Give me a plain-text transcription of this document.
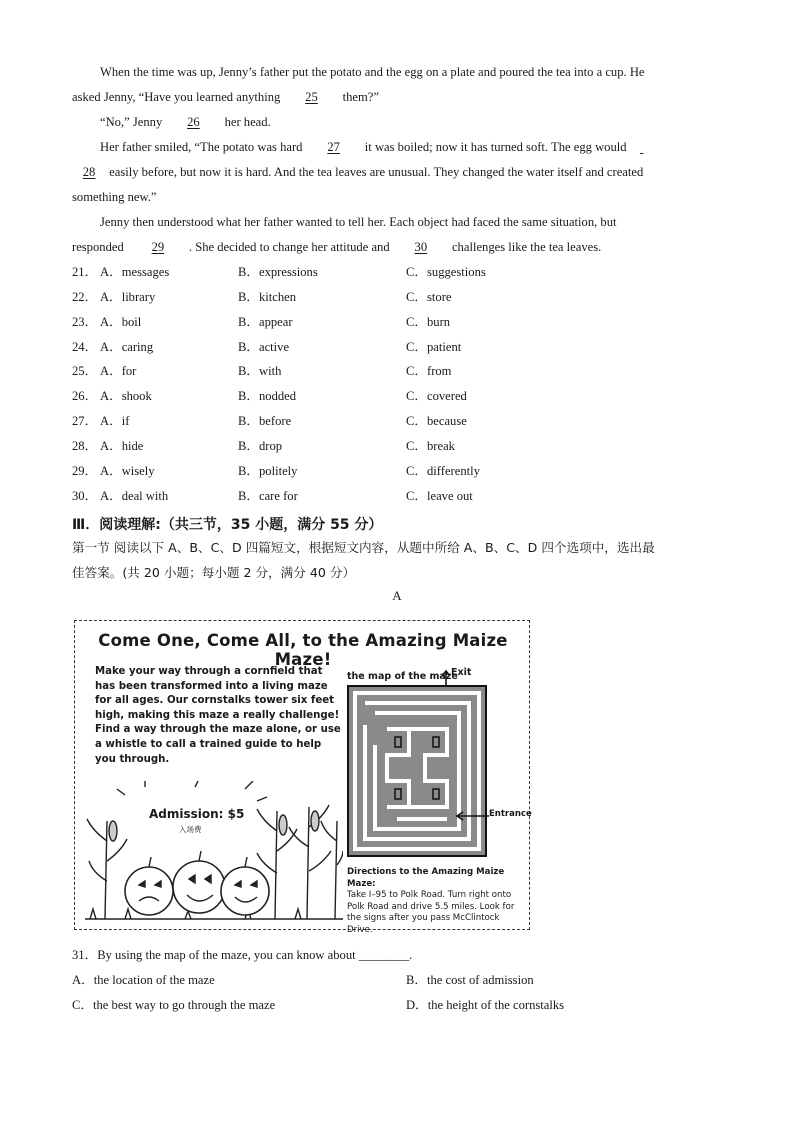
When the time was up, Jenny’s father put the potato and the egg on a plate and poured the tea into a cup. He
asked Jenny, “Have you learned anything 25 them?”
“No,” Jenny 26 her head.
Her father smiled, “The potato was hard 27 it was boiled; now it has turned soft. The egg would
28 easily before, but now it is hard. And the tea leaves are unusual. They changed the water itself and created
something new.”
Jenny then understood what her father wanted to tell her. Each object had faced the same situation, but
responded 29 . She decided to change her attitude and 30 challenges like the tea leaves.
21． A．messages	B．expressions	C．suggestions
22． A．library	B．kitchen	C．store
23． A．boil	B．appear	C．burn
24． A．caring	B．active	C．patient
25． A．for	B．with	C．from
26． A．shook	B．nodded	C．covered
27． A．if	B．before	C．because
28． A．hide	B．drop	C．break
29． A．wisely	B．politely	C．differently
30． A．deal with	B．care for	C．leave out
Ⅲ．阅读理解:（共三节，35 小题，满分 55 分）
第一节 阅读以下 A、B、C、D 四篇短文，根据短文内容，从题中所给 A、B、C、D 四个选项中，选出最
佳答案。(共 20 小题；每小题 2 分，满分 40 分）
A
Come One, Come All, to the Amazing Maize Maze!
Make your way through a cornfield that has been transformed into a living maze for all ages. Our cornstalks tower six feet high, making this maze a really challenge! Find a way through the maze alone, or use a whistle to call a trained guide to help you through.
Admission: $5
入场费
the map of the maze
Exit
Entrance
Directions to the Amazing Maize Maze:
Take I–95 to Polk Road. Turn right onto Polk Road and drive 5.5 miles. Look for the signs after you pass McClintock Drive.
31．By using the map of the maze, you can know about ________.
A．the location of the maze	B．the cost of admission
C．the best way to go through the maze	D．the height of the cornstalks
